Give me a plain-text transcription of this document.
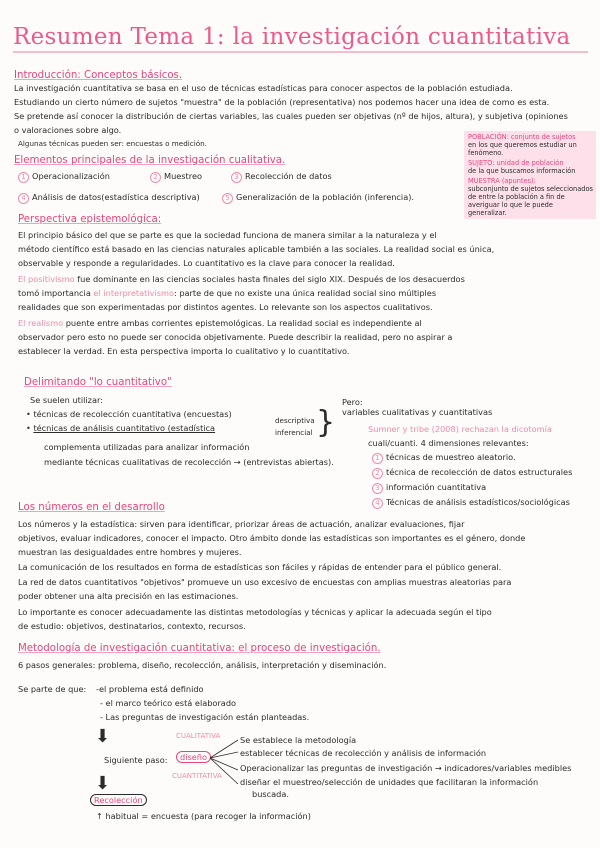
Resumen Tema 1: la investigación cuantitativa
Introducción: Conceptos básicos.
La investigación cuantitativa se basa en el uso de técnicas estadísticas para conocer aspectos de la población estudiada.
Estudiando un cierto número de sujetos "muestra" de la población (representativa) nos podemos hacer una idea de como es esta.
Se pretende así conocer la distribución de ciertas variables, las cuales pueden ser objetivas (nº de hijos, altura), y subjetiva (opiniones
o valoraciones sobre algo.
Algunas técnicas pueden ser: encuestas o medición.
POBLACIÓN: conjunto de sujetos
en los que queremos estudiar un
fenómeno.
SUJETO: unidad de población
de la que buscamos información
MUESTRA (apuntes):
subconjunto de sujetos seleccionados
de entre la población a fin de
averiguar lo que le puede
generalizar.
Elementos principales de la investigación cualitativa.
1 Operacionalización	2 Muestreo	3 Recolección de datos
4 Análisis de datos(estadística descriptiva)	5 Generalización de la población (inferencia).
Perspectiva epistemológica:
El principio básico del que se parte es que la sociedad funciona de manera similar a la naturaleza y el
método científico está basado en las ciencias naturales aplicable también a las sociales. La realidad social es única,
observable y responde a regularidades. Lo cuantitativo es la clave para conocer la realidad.
El positivismo fue dominante en las ciencias sociales hasta finales del siglo XIX. Después de los desacuerdos
tomó importancia el interpretativismo: parte de que no existe una única realidad social sino múltiples
realidades que son experimentadas por distintos agentes. Lo relevante son los aspectos cualitativos.
El realismo puente entre ambas corrientes epistemológicas. La realidad social es independiente al
observador pero esto no puede ser conocida objetivamente. Puede describir la realidad, pero no aspirar a
establecer la verdad. En esta perspectiva importa lo cualitativo y lo cuantitativo.
Delimitando "lo cuantitativo"
Se suelen utilizar:
• técnicas de recolección cuantitativa (encuestas)
• técnicas de análisis cuantitativo (estadística
descriptiva
inferencial }
Pero:
variables cualitativas y cuantitativas
complementa utilizadas para analizar información
mediante técnicas cualitativas de recolección → (entrevistas abiertas).
Sumner y tribe (2008) rechazan la dicotomía
cuali/cuanti. 4 dimensiones relevantes:
1 técnicas de muestreo aleatorio.
2 técnica de recolección de datos estructurales
3 información cuantitativa
4 Técnicas de análisis estadísticos/sociológicas
Los números en el desarrollo
Los números y la estadística: sirven para identificar, priorizar áreas de actuación, analizar evaluaciones, fijar
objetivos, evaluar indicadores, conocer el impacto. Otro ámbito donde las estadísticas son importantes es el género, donde
muestran las desigualdades entre hombres y mujeres.
La comunicación de los resultados en forma de estadísticas son fáciles y rápidas de entender para el público general.
La red de datos cuantitativos "objetivos" promueve un uso excesivo de encuestas con amplias muestras aleatorias para
poder obtener una alta precisión en las estimaciones.
Lo importante es conocer adecuadamente las distintas metodologías y técnicas y aplicar la adecuada según el tipo
de estudio: objetivos, destinatarios, contexto, recursos.
Metodología de investigación cuantitativa: el proceso de investigación.
6 pasos generales: problema, diseño, recolección, análisis, interpretación y diseminación.
Se parte de que: -el problema está definido
- el marco teórico está elaborado
- Las preguntas de investigación están planteadas.
⬇
⬇
CUALITATIVA
CUANTITATIVA
Siguiente paso:	diseño
Se establece la metodología
establecer técnicas de recolección y análisis de información
Operacionalizar las preguntas de investigación → indicadores/variables medibles
diseñar el muestreo/selección de unidades que facilitaran la información
buscada.
Recolección
↑ habitual = encuesta (para recoger la información)
